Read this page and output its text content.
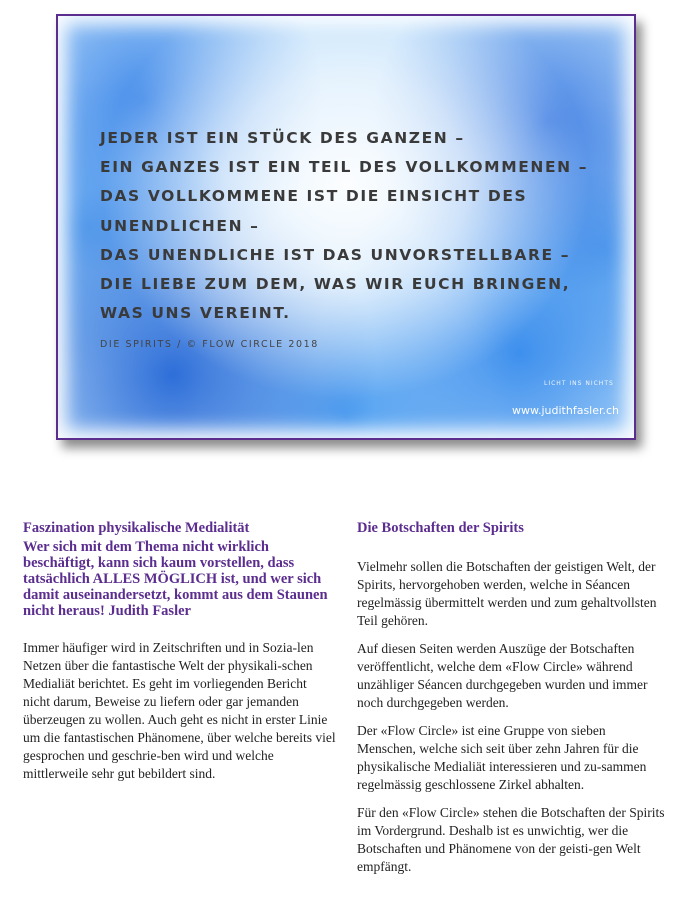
JEDER IST EIN STÜCK DES GANZEN –
EIN GANZES IST EIN TEIL DES VOLLKOMMENEN –
DAS VOLLKOMMENE IST DIE EINSICHT DES
UNENDLICHEN –
DAS UNENDLICHE IST DAS UNVORSTELLBARE –
DIE LIEBE ZUM DEM, WAS WIR EUCH BRINGEN,
WAS UNS VEREINT.

DIE SPIRITS / © FLOW CIRCLE 2018
LICHT INS NICHTS
www.judithfasler.ch
Faszination physikalische Medialität

Wer sich mit dem Thema nicht wirklich beschäftigt, kann sich kaum vorstellen, dass tatsächlich ALLES MÖGLICH ist, und wer sich damit auseinandersetzt, kommt aus dem Staunen nicht heraus! Judith Fasler

Immer häufiger wird in Zeitschriften und in Sozia-len Netzen über die fantastische Welt der physikali-schen Medialiät berichtet. Es geht im vorliegenden Bericht nicht darum, Beweise zu liefern oder gar jemanden überzeugen zu wollen. Auch geht es nicht in erster Linie um die fantastischen Phänomene, über welche bereits viel gesprochen und geschrie-ben wird und welche mittlerweile sehr gut bebildert sind.

Die Botschaften der Spirits

Vielmehr sollen die Botschaften der geistigen Welt, der Spirits, hervorgehoben werden, welche in Séancen regelmässig übermittelt werden und zum gehaltvollsten Teil gehören.

Auf diesen Seiten werden Auszüge der Botschaften veröffentlicht, welche dem «Flow Circle» während unzähliger Séancen durchgegeben wurden und immer noch durchgegeben werden.

Der «Flow Circle» ist eine Gruppe von sieben Menschen, welche sich seit über zehn Jahren für die physikalische Medialiät interessieren und zu-sammen regelmässig geschlossene Zirkel abhalten.

Für den «Flow Circle» stehen die Botschaften der Spirits im Vordergrund. Deshalb ist es unwichtig, wer die Botschaften und Phänomene von der geisti-gen Welt empfängt.
